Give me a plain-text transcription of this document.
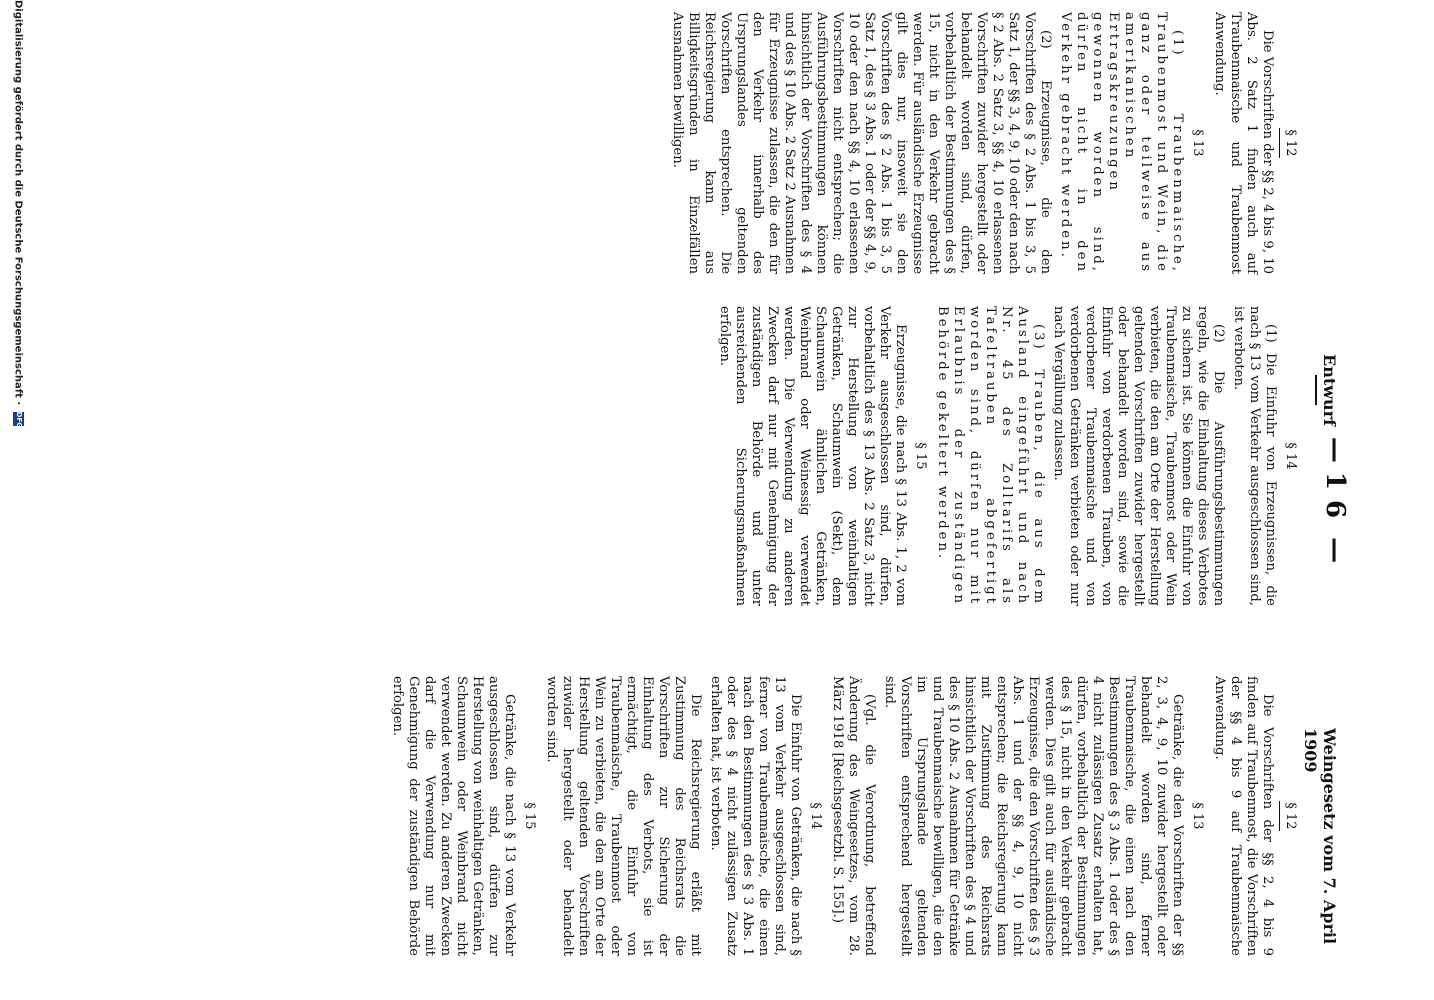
— 16 —
Entwurf
Weingesetz vom 7. April 1909

§ 12

Die Vorschriften der §§ 2, 4 bis 9, 10 Abs. 2 Satz 1 finden auch auf Traubenmaische und Traubenmost Anwendung.

§ 13

(1) Traubenmaische, Traubenmost und Wein, die ganz oder teilweise aus amerikanischen Ertragskreuzungen gewonnen worden sind, dürfen nicht in den Verkehr gebracht werden.

(2) Erzeugnisse, die den Vorschriften des § 2 Abs. 1 bis 3, 5 Satz 1, der §§ 3, 4, 9, 10 oder den nach § 2 Abs. 2 Satz 3, §§ 4, 10 erlassenen Vorschriften zuwider hergestellt oder behandelt worden sind, dürfen, vorbehaltlich der Bestimmungen des § 15, nicht in den Verkehr gebracht werden. Für ausländische Erzeugnisse gilt dies nur, insoweit sie den Vorschriften des § 2 Abs. 1 bis 3, 5 Satz 1, des § 3 Abs. 1 oder der §§ 4, 9, 10 oder den nach §§ 4, 10 erlassenen Vorschriften nicht entsprechen; die Ausführungsbestimmungen können hinsichtlich der Vorschriften des § 4 und des § 10 Abs. 2 Satz 2 Ausnahmen für Erzeugnisse zulassen, die den für den Verkehr innerhalb des Ursprungslandes geltenden Vorschriften entsprechen. Die Reichsregierung kann aus Billigkeitsgründen in Einzelfällen Ausnahmen bewilligen.

§ 14

(1) Die Einfuhr von Erzeugnissen, die nach § 13 vom Verkehr ausgeschlossen sind, ist verboten.

(2) Die Ausführungsbestimmungen regeln, wie die Einhaltung dieses Verbotes zu sichern ist. Sie können die Einfuhr von Traubenmaische, Traubenmost oder Wein verbieten, die den am Orte der Herstellung geltenden Vorschriften zuwider hergestellt oder behandelt worden sind, sowie die Einfuhr von verdorbenen Trauben, von verdorbener Traubenmaische und von verdorbenen Getränken verbieten oder nur nach Vergällung zulassen.

(3) Trauben, die aus dem Ausland eingeführt und nach Nr. 45 des Zolltarifs als Tafeltrauben abgefertigt worden sind, dürfen nur mit Erlaubnis der zuständigen Behörde gekeltert werden.

§ 15

Erzeugnisse, die nach § 13 Abs. 1, 2 vom Verkehr ausgeschlossen sind, dürfen, vorbehaltlich des § 13 Abs. 2 Satz 3, nicht zur Herstellung von weinhaltigen Getränken, Schaumwein (Sekt), dem Schaumwein ähnlichen Getränken, Weinbrand oder Weinessig verwendet werden. Die Verwendung zu anderen Zwecken darf nur mit Genehmigung der zuständigen Behörde und unter ausreichenden Sicherungsmaßnahmen erfolgen.

§ 12

Die Vorschriften der §§ 2, 4 bis 9 finden auf Traubenmost, die Vorschriften der §§ 4 bis 9 auf Traubenmaische Anwendung.

§ 13

Getränke, die den Vorschriften der §§ 2, 3, 4, 9, 10 zuwider hergestellt oder behandelt worden sind, ferner Traubenmaische, die einen nach den Bestimmungen des § 3 Abs. 1 oder des § 4 nicht zulässigen Zusatz erhalten hat, dürfen, vorbehaltlich der Bestimmungen des § 15, nicht in den Verkehr gebracht werden. Dies gilt auch für ausländische Erzeugnisse, die den Vorschriften des § 3 Abs. 1 und der §§ 4, 9, 10 nicht entsprechen; die Reichsregierung kann mit Zustimmung des Reichsrats hinsichtlich der Vorschriften des § 4 und des § 10 Abs. 2 Ausnahmen für Getränke und Traubenmaische bewilligen, die den im Ursprungslande geltenden Vorschriften entsprechend hergestellt sind.

(Vgl. die Verordnung, betreffend Änderung des Weingesetzes, vom 28. März 1918 [Reichsgesetzbl. S. 155].)

§ 14

Die Einfuhr von Getränken, die nach § 13 vom Verkehr ausgeschlossen sind, ferner von Traubenmaische, die einen nach den Bestimmungen des § 3 Abs. 1 oder des § 4 nicht zulässigen Zusatz erhalten hat, ist verboten.

Die Reichsregierung erläßt mit Zustimmung des Reichsrats die Vorschriften zur Sicherung der Einhaltung des Verbots, sie ist ermächtigt, die Einfuhr von Traubenmaische, Traubenmost oder Wein zu verbieten, die den am Orte der Herstellung geltenden Vorschriften zuwider hergestellt oder behandelt worden sind.

§ 15

Getränke, die nach § 13 vom Verkehr ausgeschlossen sind, dürfen zur Herstellung von weinhaltigen Getränken, Schaumwein oder Weinbrand nicht verwendet werden. Zu anderen Zwecken darf die Verwendung nur mit Genehmigung der zuständigen Behörde erfolgen.

Digitalisierung gefördert durch die Deutsche Forschungsgemeinschaft · DFG
